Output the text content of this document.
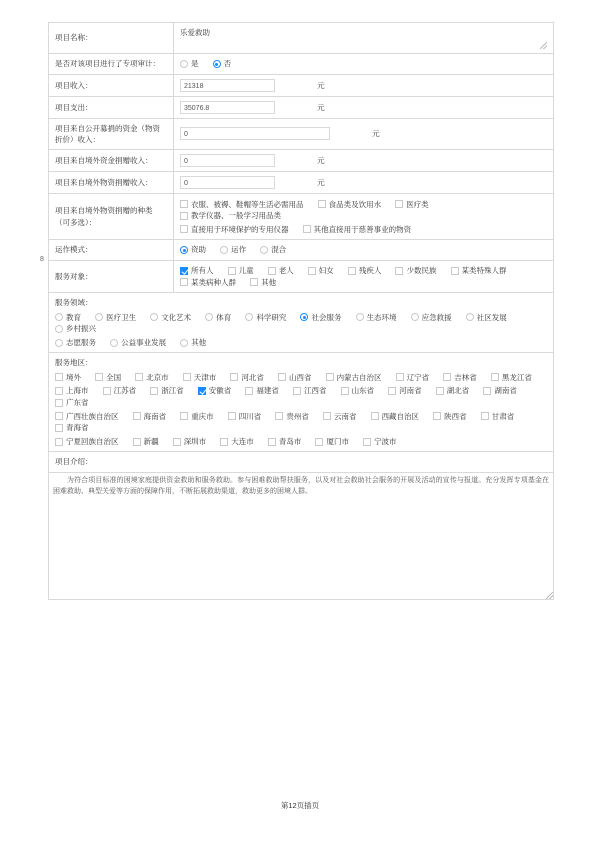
8
项目名称：	乐爱救助

是否对该项目进行了专项审计：	是
否

项目收入：	21318 元
项目支出：	35076.8 元
项目来自公开募捐的资金（物资折价）收入：	0 元
项目来自境外资金捐赠收入：	0 元
项目来自境外物资捐赠收入：	0 元
项目来自境外物资捐赠的种类（可多选）：	
衣服、被褥、鞋帽等生活必需用品
	食品类及饮用水
	医疗类

教学仪器、一般学习用品类
直接用于环境保护的专用仪器
	其他直接用于慈善事业的物资

运作模式：	资助
运作
混合

服务对象：	
所有人
	儿童
	老人
	妇女
	残疾人
	少数民族
	某类特殊人群

某类病种人群
	其他

服务领域：
教育
	医疗卫生
	文化艺术
	体育
	科学研究
	社会服务
	生态环境
	应急救援
	社区发展

乡村振兴
志愿服务
	公益事业发展
	其他

服务地区：
境外
	全国
	北京市
	天津市
	河北省
	山西省
	内蒙古自治区
	辽宁省
	吉林省
	黑龙江省
上海市
	江苏省
	浙江省
	安徽省
	福建省
	江西省
	山东省
	河南省
	湖北省
	湖南省

广东省
广西壮族自治区
	海南省
	重庆市
	四川省
	贵州省
	云南省
	西藏自治区
	陕西省
	甘肃省

青海省
宁夏回族自治区
	新疆
	深圳市
	大连市
	青岛市
	厦门市
	宁波市

项目介绍：	

为符合项目标准的困境家庭提供资金救助和服务救助。参与困难救助帮扶服务，以及对社会救助社会服务的开展及活动的宣传与报道。充分发挥专项基金在困难救助、典型关爱等方面的保障作用，不断拓展救助渠道，救助更多的困境人群。	

第12页插页
